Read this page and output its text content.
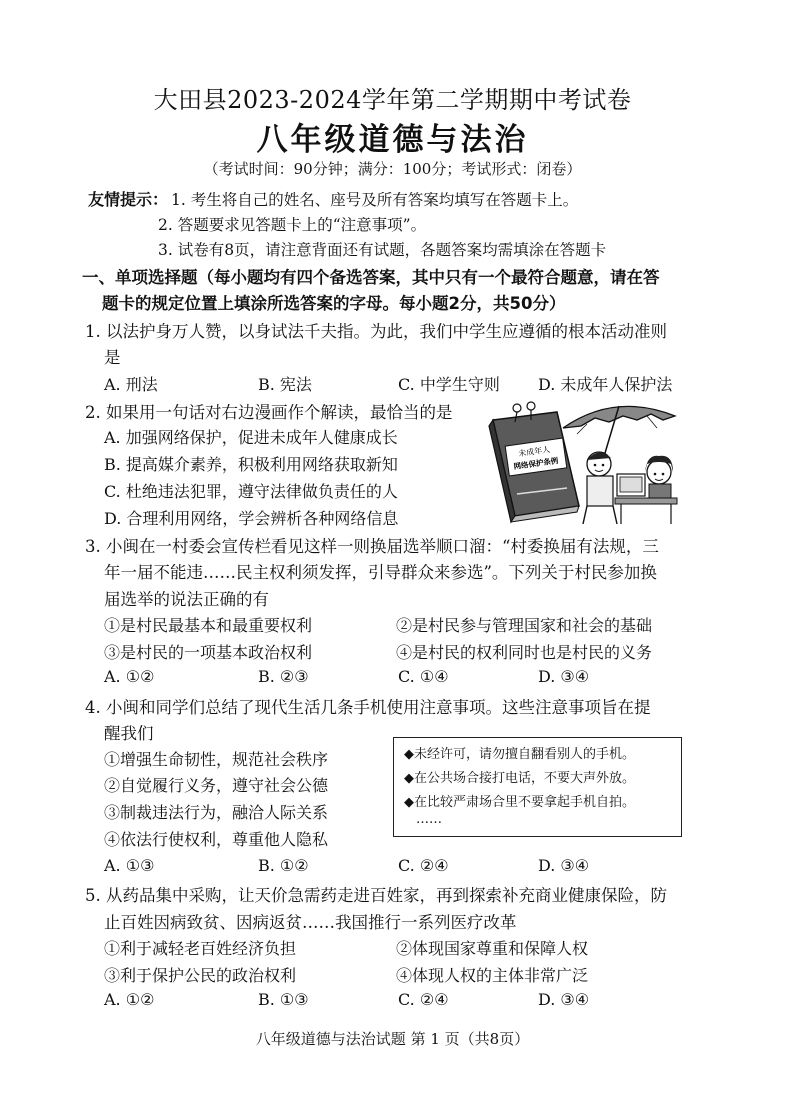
大田县2023-2024学年第二学期期中考试卷
八年级道德与法治
（考试时间：90分钟；满分：100分；考试形式：闭卷）
友情提示： 1. 考生将自己的姓名、座号及所有答案均填写在答题卡上。
2. 答题要求见答题卡上的“注意事项”。
3. 试卷有8页，请注意背面还有试题，各题答案均需填涂在答题卡
一、单项选择题（每小题均有四个备选答案，其中只有一个最符合题意，请在答
题卡的规定位置上填涂所选答案的字母。每小题2分，共50分）
1. 以法护身万人赞，以身试法千夫指。为此，我们中学生应遵循的根本活动准则
是
A. 刑法	B. 宪法	C. 中学生守则 D. 未成年人保护法
2. 如果用一句话对右边漫画作个解读，最恰当的是
A. 加强网络保护，促进未成年人健康成长
B. 提高媒介素养，积极利用网络获取新知
C. 杜绝违法犯罪，遵守法律做负责任的人
D. 合理利用网络，学会辨析各种网络信息
未成年人
网络保护条例
3. 小闽在一村委会宣传栏看见这样一则换届选举顺口溜：“村委换届有法规，三
年一届不能违……民主权利须发挥，引导群众来参选”。下列关于村民参加换
届选举的说法正确的有
①是村民最基本和最重要权利	②是村民参与管理国家和社会的基础
③是村民的一项基本政治权利	④是村民的权利同时也是村民的义务
A. ①②	B. ②③	C. ①④	D. ③④
4. 小闽和同学们总结了现代生活几条手机使用注意事项。这些注意事项旨在提
醒我们
①增强生命韧性，规范社会秩序
②自觉履行义务，遵守社会公德
③制裁违法行为，融洽人际关系
④依法行使权利，尊重他人隐私
◆未经许可，请勿擅自翻看别人的手机。
◆在公共场合接打电话，不要大声外放。
◆在比较严肃场合里不要拿起手机自拍。
……
A. ①③	B. ①②	C. ②④	D. ③④
5. 从药品集中采购，让天价急需药走进百姓家，再到探索补充商业健康保险，防
止百姓因病致贫、因病返贫……我国推行一系列医疗改革
①利于减轻老百姓经济负担	②体现国家尊重和保障人权
③利于保护公民的政治权利	④体现人权的主体非常广泛
A. ①②	B. ①③	C. ②④	D. ③④
八年级道德与法治试题 第 1 页（共8页）
